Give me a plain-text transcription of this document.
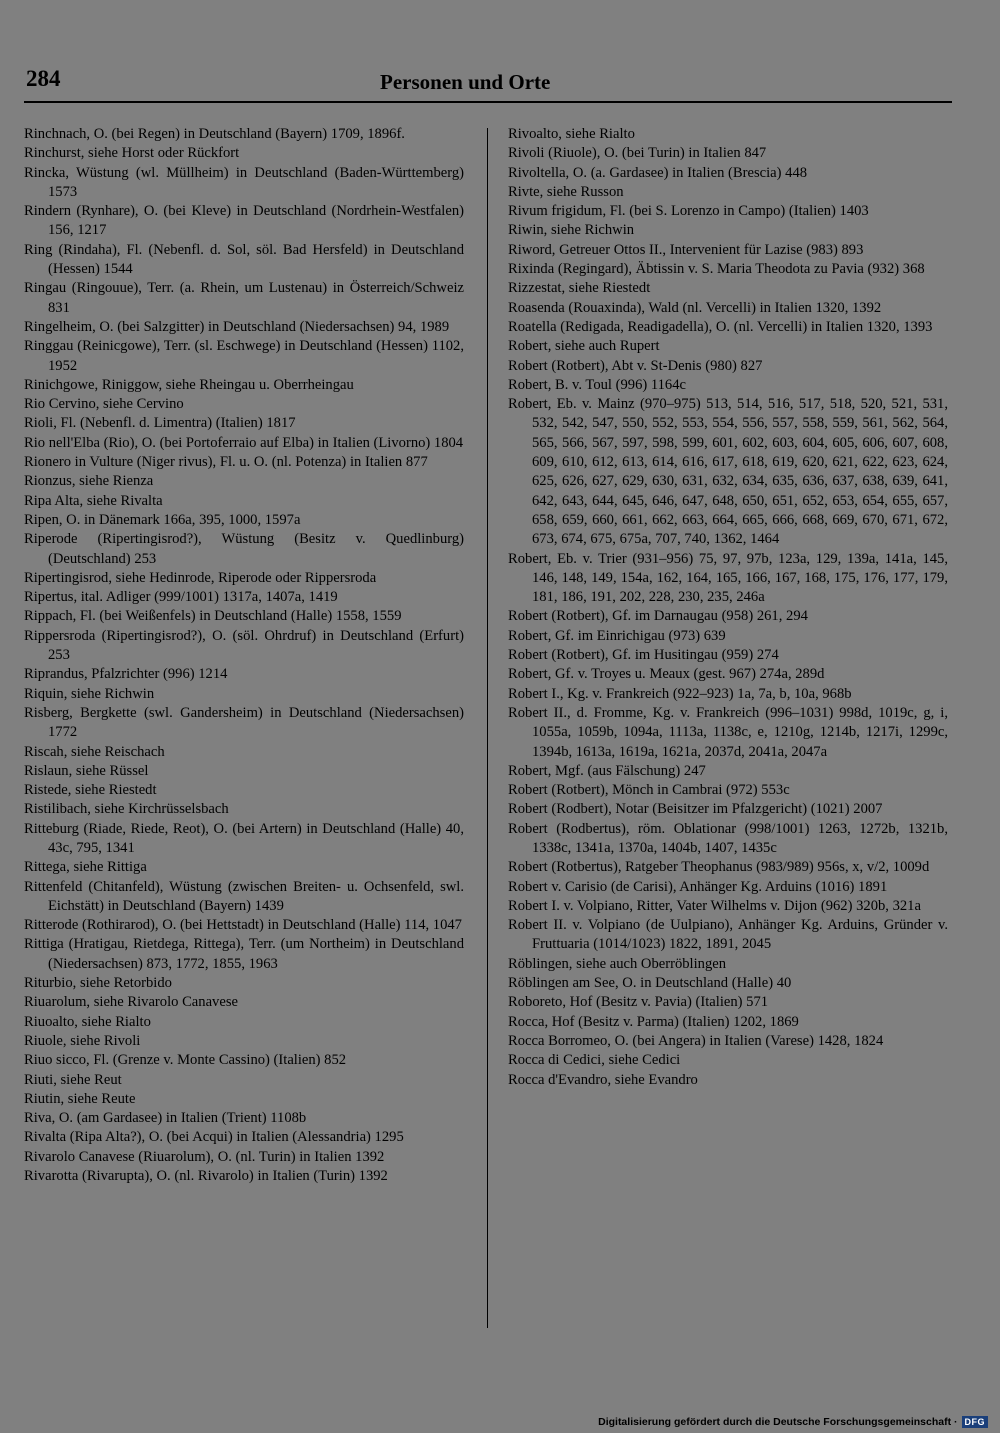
284	Personen und Orte

Rinchnach, O. (bei Regen) in Deutschland (Bayern) 1709, 1896f.

Rinchurst, siehe Horst oder Rückfort

Rincka, Wüstung (wl. Müllheim) in Deutschland (Baden-Württemberg) 1573

Rindern (Rynhare), O. (bei Kleve) in Deutschland (Nordrhein-Westfalen) 156, 1217

Ring (Rindaha), Fl. (Nebenfl. d. Sol, söl. Bad Hersfeld) in Deutschland (Hessen) 1544

Ringau (Ringouue), Terr. (a. Rhein, um Lustenau) in Österreich/Schweiz 831

Ringelheim, O. (bei Salzgitter) in Deutschland (Niedersachsen) 94, 1989

Ringgau (Reinicgowe), Terr. (sl. Eschwege) in Deutschland (Hessen) 1102, 1952

Rinichgowe, Riniggow, siehe Rheingau u. Oberrheingau

Rio Cervino, siehe Cervino

Rioli, Fl. (Nebenfl. d. Limentra) (Italien) 1817

Rio nell'Elba (Rio), O. (bei Portoferraio auf Elba) in Italien (Livorno) 1804

Rionero in Vulture (Niger rivus), Fl. u. O. (nl. Potenza) in Italien 877

Rionzus, siehe Rienza

Ripa Alta, siehe Rivalta

Ripen, O. in Dänemark 166a, 395, 1000, 1597a

Riperode (Ripertingisrod?), Wüstung (Besitz v. Quedlinburg) (Deutschland) 253

Ripertingisrod, siehe Hedinrode, Riperode oder Rippersroda

Ripertus, ital. Adliger (999/1001) 1317a, 1407a, 1419

Rippach, Fl. (bei Weißenfels) in Deutschland (Halle) 1558, 1559

Rippersroda (Ripertingisrod?), O. (söl. Ohrdruf) in Deutschland (Erfurt) 253

Riprandus, Pfalzrichter (996) 1214

Riquin, siehe Richwin

Risberg, Bergkette (swl. Gandersheim) in Deutschland (Niedersachsen) 1772

Riscah, siehe Reischach

Rislaun, siehe Rüssel

Ristede, siehe Riestedt

Ristilibach, siehe Kirchrüsselsbach

Ritteburg (Riade, Riede, Reot), O. (bei Artern) in Deutschland (Halle) 40, 43c, 795, 1341

Rittega, siehe Rittiga

Rittenfeld (Chitanfeld), Wüstung (zwischen Breiten- u. Ochsenfeld, swl. Eichstätt) in Deutschland (Bayern) 1439

Ritterode (Rothirarod), O. (bei Hettstadt) in Deutschland (Halle) 114, 1047

Rittiga (Hratigau, Rietdega, Rittega), Terr. (um Northeim) in Deutschland (Niedersachsen) 873, 1772, 1855, 1963

Riturbio, siehe Retorbido

Riuarolum, siehe Rivarolo Canavese

Riuoalto, siehe Rialto

Riuole, siehe Rivoli

Riuo sicco, Fl. (Grenze v. Monte Cassino) (Italien) 852

Riuti, siehe Reut

Riutin, siehe Reute

Riva, O. (am Gardasee) in Italien (Trient) 1108b

Rivalta (Ripa Alta?), O. (bei Acqui) in Italien (Alessandria) 1295

Rivarolo Canavese (Riuarolum), O. (nl. Turin) in Italien 1392

Rivarotta (Rivarupta), O. (nl. Rivarolo) in Italien (Turin) 1392

Rivoalto, siehe Rialto

Rivoli (Riuole), O. (bei Turin) in Italien 847

Rivoltella, O. (a. Gardasee) in Italien (Brescia) 448

Rivte, siehe Russon

Rivum frigidum, Fl. (bei S. Lorenzo in Campo) (Italien) 1403

Riwin, siehe Richwin

Riword, Getreuer Ottos II., Intervenient für Lazise (983) 893

Rixinda (Regingard), Äbtissin v. S. Maria Theodota zu Pavia (932) 368

Rizzestat, siehe Riestedt

Roasenda (Rouaxinda), Wald (nl. Vercelli) in Italien 1320, 1392

Roatella (Redigada, Readigadella), O. (nl. Vercelli) in Italien 1320, 1393

Robert, siehe auch Rupert

Robert (Rotbert), Abt v. St-Denis (980) 827

Robert, B. v. Toul (996) 1164c

Robert, Eb. v. Mainz (970–975) 513, 514, 516, 517, 518, 520, 521, 531, 532, 542, 547, 550, 552, 553, 554, 556, 557, 558, 559, 561, 562, 564, 565, 566, 567, 597, 598, 599, 601, 602, 603, 604, 605, 606, 607, 608, 609, 610, 612, 613, 614, 616, 617, 618, 619, 620, 621, 622, 623, 624, 625, 626, 627, 629, 630, 631, 632, 634, 635, 636, 637, 638, 639, 641, 642, 643, 644, 645, 646, 647, 648, 650, 651, 652, 653, 654, 655, 657, 658, 659, 660, 661, 662, 663, 664, 665, 666, 668, 669, 670, 671, 672, 673, 674, 675, 675a, 707, 740, 1362, 1464

Robert, Eb. v. Trier (931–956) 75, 97, 97b, 123a, 129, 139a, 141a, 145, 146, 148, 149, 154a, 162, 164, 165, 166, 167, 168, 175, 176, 177, 179, 181, 186, 191, 202, 228, 230, 235, 246a

Robert (Rotbert), Gf. im Darnaugau (958) 261, 294

Robert, Gf. im Einrichigau (973) 639

Robert (Rotbert), Gf. im Husitingau (959) 274

Robert, Gf. v. Troyes u. Meaux (gest. 967) 274a, 289d

Robert I., Kg. v. Frankreich (922–923) 1a, 7a, b, 10a, 968b

Robert II., d. Fromme, Kg. v. Frankreich (996–1031) 998d, 1019c, g, i, 1055a, 1059b, 1094a, 1113a, 1138c, e, 1210g, 1214b, 1217i, 1299c, 1394b, 1613a, 1619a, 1621a, 2037d, 2041a, 2047a

Robert, Mgf. (aus Fälschung) 247

Robert (Rotbert), Mönch in Cambrai (972) 553c

Robert (Rodbert), Notar (Beisitzer im Pfalzgericht) (1021) 2007

Robert (Rodbertus), röm. Oblationar (998/1001) 1263, 1272b, 1321b, 1338c, 1341a, 1370a, 1404b, 1407, 1435c

Robert (Rotbertus), Ratgeber Theophanus (983/989) 956s, x, v/2, 1009d

Robert v. Carisio (de Carisi), Anhänger Kg. Arduins (1016) 1891

Robert I. v. Volpiano, Ritter, Vater Wilhelms v. Dijon (962) 320b, 321a

Robert II. v. Volpiano (de Uulpiano), Anhänger Kg. Arduins, Gründer v. Fruttuaria (1014/1023) 1822, 1891, 2045

Röblingen, siehe auch Oberröblingen

Röblingen am See, O. in Deutschland (Halle) 40

Roboreto, Hof (Besitz v. Pavia) (Italien) 571

Rocca, Hof (Besitz v. Parma) (Italien) 1202, 1869

Rocca Borromeo, O. (bei Angera) in Italien (Varese) 1428, 1824

Rocca di Cedici, siehe Cedici

Rocca d'Evandro, siehe Evandro

Digitalisierung gefördert durch die Deutsche Forschungsgemeinschaft · DFG
